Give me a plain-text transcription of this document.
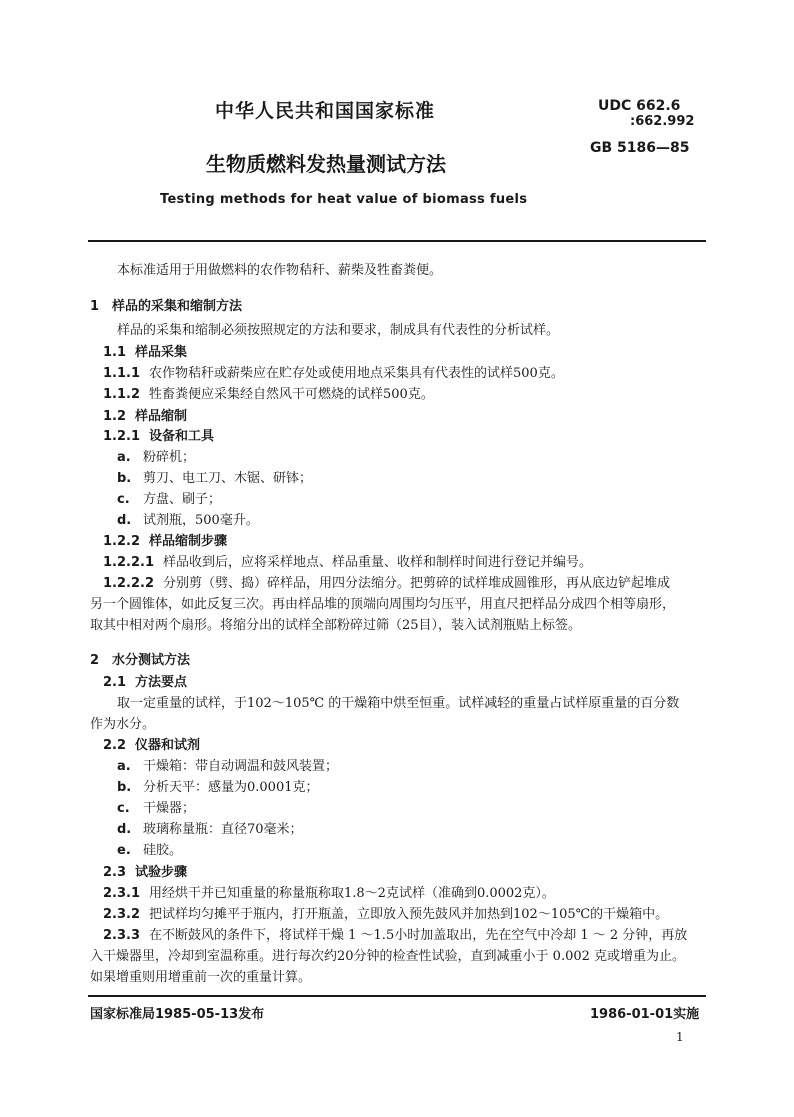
中华人民共和国国家标准	UDC 662.6
:662.992
GB 5186—85
生物质燃料发热量测试方法
Testing methods for heat value of biomass fuels
本标准适用于用做燃料的农作物秸秆、薪柴及牲畜粪便。
1 样品的采集和缩制方法
样品的采集和缩制必须按照规定的方法和要求，制成具有代表性的分析试样。
1.1 样品采集
1.1.1 农作物秸秆或薪柴应在贮存处或使用地点采集具有代表性的试样500克。
1.1.2 牲畜粪便应采集经自然风干可燃烧的试样500克。
1.2 样品缩制
1.2.1 设备和工具
a. 粉碎机；
b. 剪刀、电工刀、木锯、研钵；
c. 方盘、刷子；
d. 试剂瓶，500毫升。
1.2.2 样品缩制步骤
1.2.2.1 样品收到后，应将采样地点、样品重量、收样和制样时间进行登记并编号。
1.2.2.2 分别剪（劈、捣）碎样品，用四分法缩分。把剪碎的试样堆成圆锥形，再从底边铲起堆成
另一个圆锥体，如此反复三次。再由样品堆的顶端向周围均匀压平，用直尺把样品分成四个相等扇形，
取其中相对两个扇形。将缩分出的试样全部粉碎过筛（25目），装入试剂瓶贴上标签。
2 水分测试方法
2.1 方法要点
取一定重量的试样，于102～105℃ 的干燥箱中烘至恒重。试样减轻的重量占试样原重量的百分数
作为水分。
2.2 仪器和试剂
a. 干燥箱：带自动调温和鼓风装置；
b. 分析天平：感量为0.0001克；
c. 干燥器；
d. 玻璃称量瓶：直径70毫米；
e. 硅胶。
2.3 试验步骤
2.3.1 用经烘干并已知重量的称量瓶称取1.8～2克试样（准确到0.0002克）。
2.3.2 把试样均匀摊平于瓶内，打开瓶盖，立即放入预先鼓风并加热到102～105℃的干燥箱中。
2.3.3 在不断鼓风的条件下，将试样干燥 1 ～1.5小时加盖取出，先在空气中冷却 1 ～ 2 分钟，再放
入干燥器里，冷却到室温称重。进行每次约20分钟的检查性试验，直到减重小于 0.002 克或增重为止。
如果增重则用增重前一次的重量计算。
国家标准局1985-05-13发布	1986-01-01实施
1
